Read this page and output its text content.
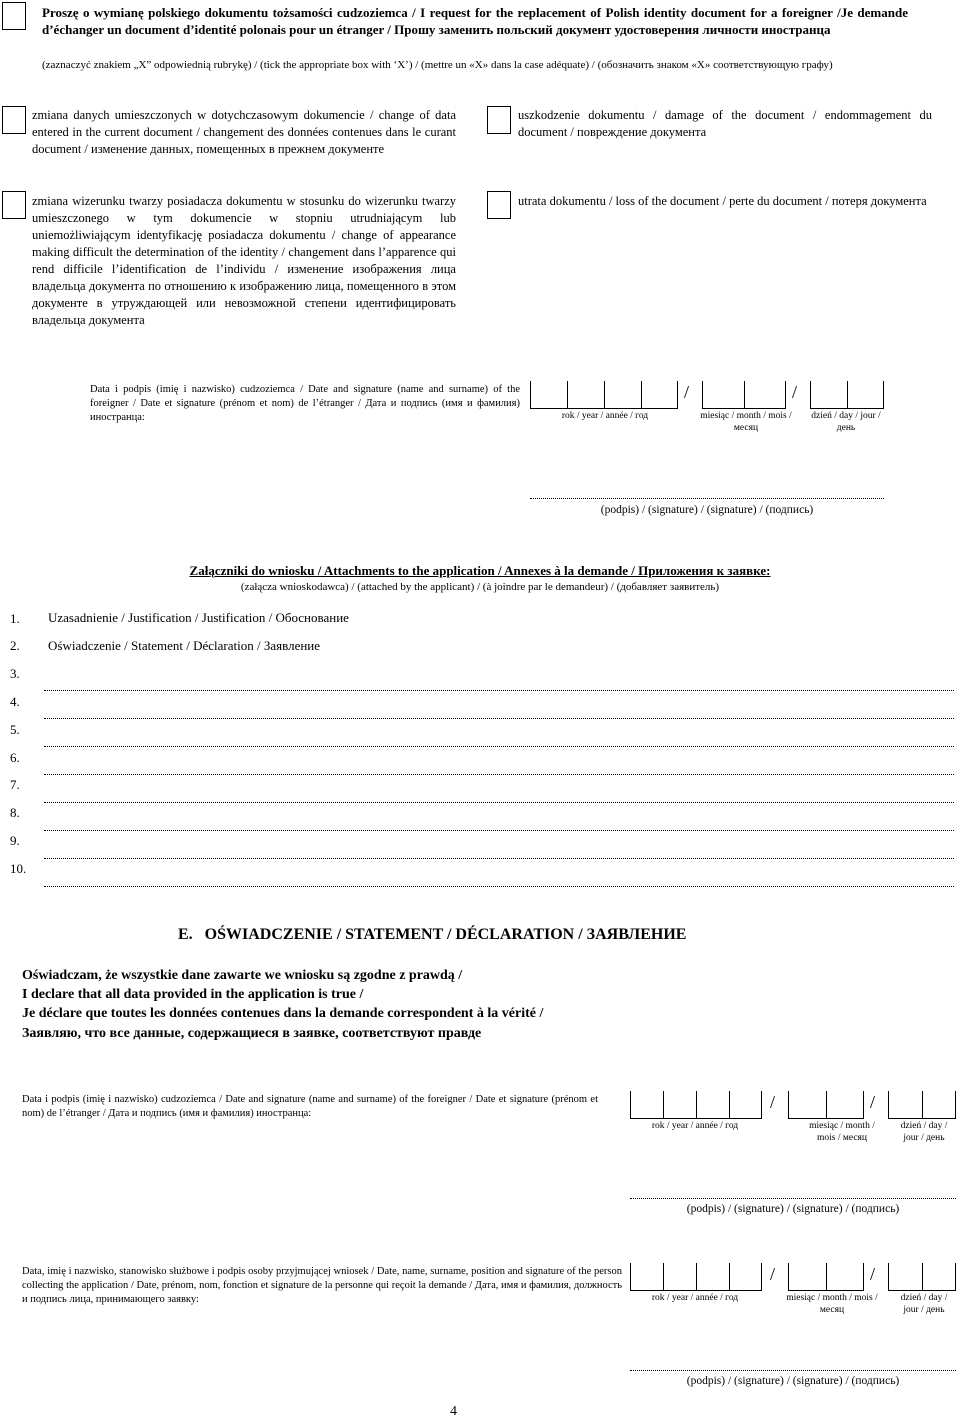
Proszę o wymianę polskiego dokumentu tożsamości cudzoziemca / I request for the replacement of Polish identity document for a foreigner /Je demande d’échanger un document d’identité polonais pour un étranger / Прошу заменить польский документ удостоверения личности иностранца
(zaznaczyć znakiem „X” odpowiednią rubrykę) / (tick the appropriate box with ‘X’) / (mettre un «X» dans la case adéquate) / (обозначить знаком «X» соответствующую графу)
zmiana danych umieszczonych w dotychczasowym dokumencie / change of data entered in the current document / changement des données contenues dans le curant document / изменение данных, помещенных в прежнем документе
uszkodzenie dokumentu / damage of the document / endommagement du document / повреждение документа
zmiana wizerunku twarzy posiadacza dokumentu w stosunku do wizerunku twarzy umieszczonego w tym dokumencie w stopniu utrudniającym lub uniemożliwiającym identyfikację posiadacza dokumentu / change of appearance making difficult the determination of the identity / changement dans l’apparence qui rend difficile l’identification de l’individu / изменение изображения лица владельца документа по отношению к изображению лица, помещенного в этом документе в утруждающей или невозможной степени идентифицировать владельца документа
utrata dokumentu / loss of the document / perte du document / потеря документа
Data i podpis (imię i nazwisko) cudzoziemca / Date and signature (name and surname) of the foreigner / Date et signature (prénom et nom) de l’étranger / Дата и подпись (имя и фамилия) иностранца:
/	/
rok / year / année / год	miesiąc / month / mois / месяц
dzień / day / jour / день
(podpis) / (signature) / (signature) / (подпись)
Załączniki do wniosku / Attachments to the application / Annexes à la demande / Приложения к заявке:
(załącza wnioskodawca) / (attached by the applicant) / (à joindre par le demandeur) / (добавляет заявитель)
1. Uzasadnienie / Justification / Justification / Обоснование
2. Oświadczenie / Statement / Déclaration / Заявление
3.
4.
5.
6.
7.
8.
9.
10.
E.   OŚWIADCZENIE / STATEMENT / DÉCLARATION / ЗАЯВЛЕНИЕ
Oświadczam, że wszystkie dane zawarte we wniosku są zgodne z prawdą /
I declare that all data provided in the application is true /
Je déclare que toutes les données contenues dans la demande correspondent à la vérité /
Заявляю, что все данные, содержащиеся в заявке, соответствуют правде
Data i podpis (imię i nazwisko) cudzoziemca / Date and signature (name and surname) of the foreigner / Date et signature (prénom et nom) de l’étranger / Дата и подпись (имя и фамилия) иностранца:
/	/
rok / year / année / год	miesiąc / month / mois / месяц
dzień / day / jour / день
(podpis) / (signature) / (signature) / (подпись)
Data, imię i nazwisko, stanowisko służbowe i podpis osoby przyjmującej wniosek / Date, name, surname, position and signature of the person collecting the application / Date, prénom, nom, fonction et signature de la personne qui reçoit la demande / Дата, имя и фамилия, должность и подпись лица, принимающего заявку:
/	/
rok / year / année / год	miesiąc / month / mois / месяц
dzień / day / jour / день
(podpis) / (signature) / (signature) / (подпись)
4
